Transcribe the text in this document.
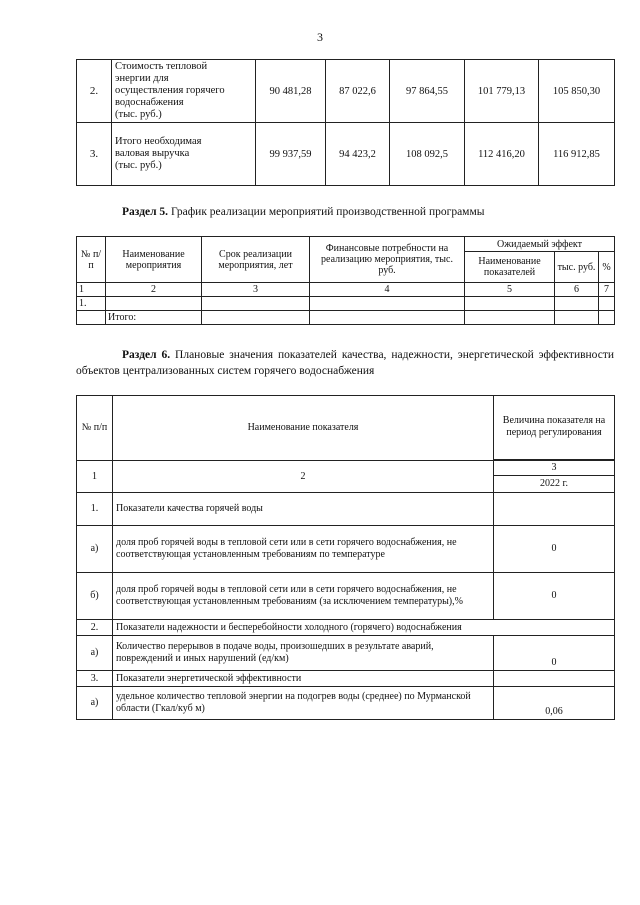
3
2.	Стоимость тепловой
энергии для
осуществления горячего
водоснабжения
(тыс. руб.)	90 481,28	87 022,6	97 864,55	101 779,13	105 850,30
3.	Итого необходимая
валовая выручка
(тыс. руб.)	99 937,59	94 423,2	108 092,5	112 416,20	116 912,85
Раздел 5. График реализации мероприятий производственной программы
№ п/п	Наименование мероприятия	Срок реализации мероприятия, лет	Финансовые потребности на реализацию мероприятия, тыс. руб.	Ожидаемый эффект		
				Наименование показателей	тыс. руб.	%
1	2	3	4	5	6	7
1.						
	Итого:					
Раздел 6. Плановые значения показателей качества, надежности, энергетической эффективности объектов централизованных систем горячего водоснабжения
№ п/п	Наименование показателя	Величина показателя на период регулирования

1	2	3
		2022 г.
1.	Показатели качества горячей воды	
а)	доля проб горячей воды в тепловой сети или в сети горячего водоснабжения, не соответствующая установленным требованиям по температуре	0
б)	доля проб горячей воды в тепловой сети или в сети горячего водоснабжения, не соответствующая установленным требованиям (за исключением температуры),%	0
2.	Показатели надежности и бесперебойности холодного (горячего) водоснабжения	
а)	Количество перерывов в подаче воды, произошедших в результате аварий, повреждений и иных нарушений (ед/км)	0
3.	Показатели энергетической эффективности	
а)	удельное количество тепловой энергии на подогрев воды (среднее) по Мурманской области (Гкал/куб м)	0,06
